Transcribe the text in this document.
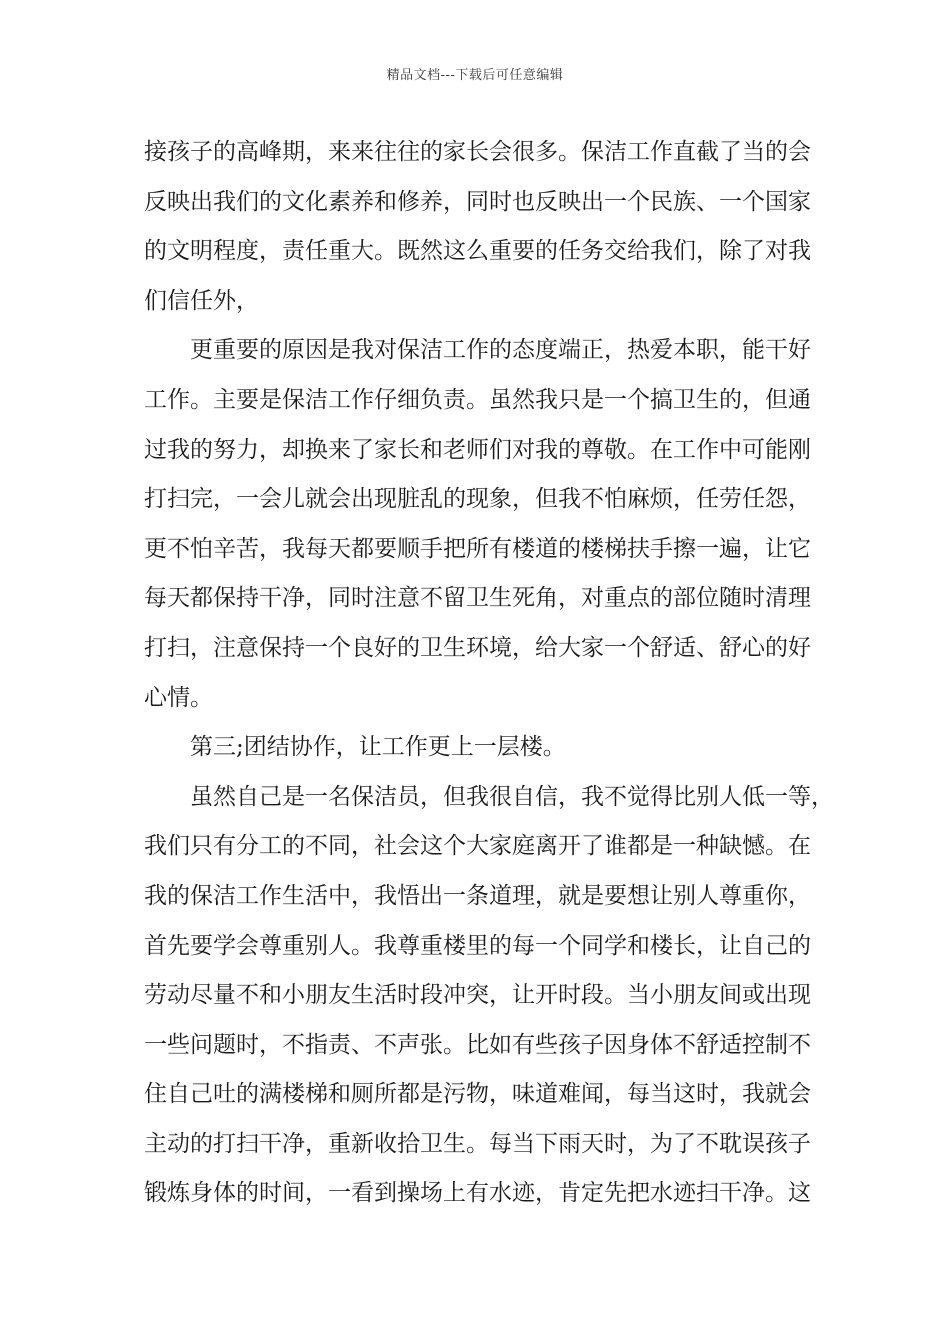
精品文档---下载后可任意编辑
接孩子的高峰期，来来往往的家长会很多。保洁工作直截了当的会
反映出我们的文化素养和修养，同时也反映出一个民族、一个国家
的文明程度，责任重大。既然这么重要的任务交给我们，除了对我
们信任外，
更重要的原因是我对保洁工作的态度端正，热爱本职，能干好
工作。主要是保洁工作仔细负责。虽然我只是一个搞卫生的，但通
过我的努力，却换来了家长和老师们对我的尊敬。在工作中可能刚
打扫完，一会儿就会出现脏乱的现象，但我不怕麻烦，任劳任怨，
更不怕辛苦，我每天都要顺手把所有楼道的楼梯扶手擦一遍，让它
每天都保持干净，同时注意不留卫生死角，对重点的部位随时清理
打扫，注意保持一个良好的卫生环境，给大家一个舒适、舒心的好
心情。
第三;团结协作，让工作更上一层楼。
虽然自己是一名保洁员，但我很自信，我不觉得比别人低一等，
我们只有分工的不同，社会这个大家庭离开了谁都是一种缺憾。在
我的保洁工作生活中，我悟出一条道理，就是要想让别人尊重你，
首先要学会尊重别人。我尊重楼里的每一个同学和楼长，让自己的
劳动尽量不和小朋友生活时段冲突，让开时段。当小朋友间或出现
一些问题时，不指责、不声张。比如有些孩子因身体不舒适控制不
住自己吐的满楼梯和厕所都是污物，味道难闻，每当这时，我就会
主动的打扫干净，重新收拾卫生。每当下雨天时，为了不耽误孩子
锻炼身体的时间，一看到操场上有水迹，肯定先把水迹扫干净。这
